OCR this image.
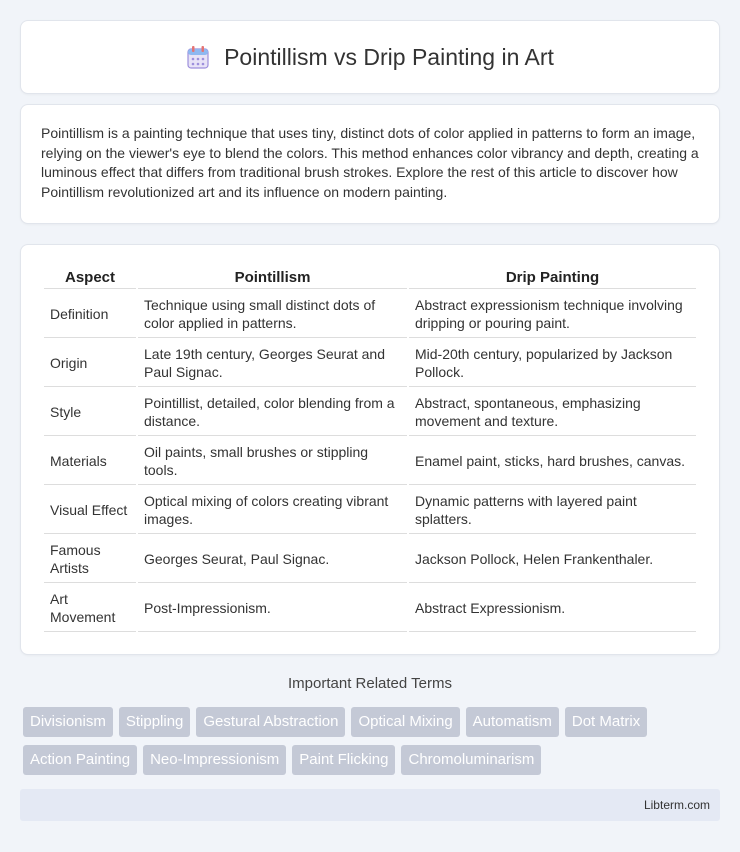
Pointillism vs Drip Painting in Art

Pointillism is a painting technique that uses tiny, distinct dots of color applied in patterns to form an image, relying on the viewer's eye to blend the colors. This method enhances color vibrancy and depth, creating a luminous effect that differs from traditional brush strokes. Explore the rest of this article to discover how Pointillism revolutionized art and its influence on modern painting.

Aspect	Pointillism	Drip Painting
Definition	Technique using small distinct dots of color applied in patterns.	Abstract expressionism technique involving dripping or pouring paint.
Origin	Late 19th century, Georges Seurat and Paul Signac.	Mid-20th century, popularized by Jackson Pollock.
Style	Pointillist, detailed, color blending from a distance.	Abstract, spontaneous, emphasizing movement and texture.
Materials	Oil paints, small brushes or stippling tools.	Enamel paint, sticks, hard brushes, canvas.
Visual Effect	Optical mixing of colors creating vibrant images.	Dynamic patterns with layered paint splatters.
Famous Artists	Georges Seurat, Paul Signac.	Jackson Pollock, Helen Frankenthaler.
Art Movement	Post-Impressionism.	Abstract Expressionism.
Important Related Terms
Divisionism	Stippling	Gestural Abstraction	Optical Mixing	Automatism	Dot Matrix
Action Painting	Neo-Impressionism	Paint Flicking	Chromoluminarism
Libterm.com
